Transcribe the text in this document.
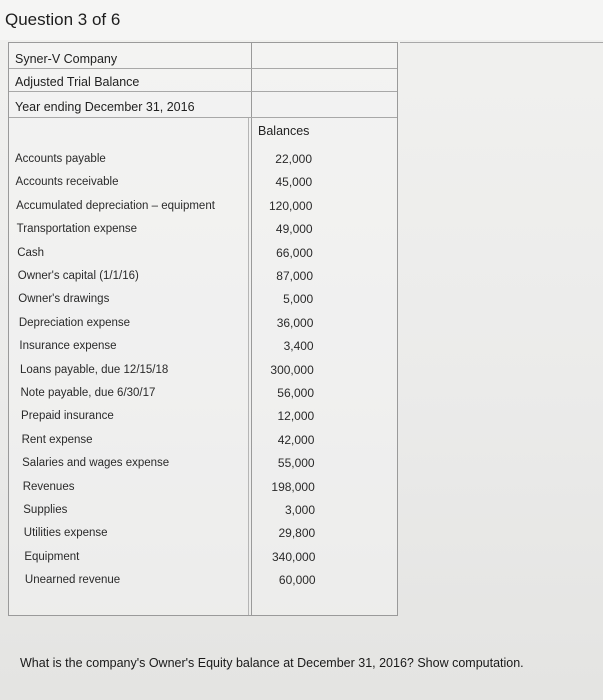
Question 3 of 6
Syner-V Company
Adjusted Trial Balance
Year ending December 31, 2016
Balances
Accounts payable	22,000
Accounts receivable	45,000
Accumulated depreciation – equipment	120,000
Transportation expense	49,000
Cash	66,000
Owner's capital (1/1/16)	87,000
Owner's drawings	5,000
Depreciation expense	36,000
Insurance expense	3,400
Loans payable, due 12/15/18	300,000
Note payable, due 6/30/17	56,000
Prepaid insurance	12,000
Rent expense	42,000
Salaries and wages expense	55,000
Revenues	198,000
Supplies	3,000
Utilities expense	29,800
Equipment	340,000
Unearned revenue	60,000
What is the company's Owner's Equity balance at December 31, 2016? Show computation.
